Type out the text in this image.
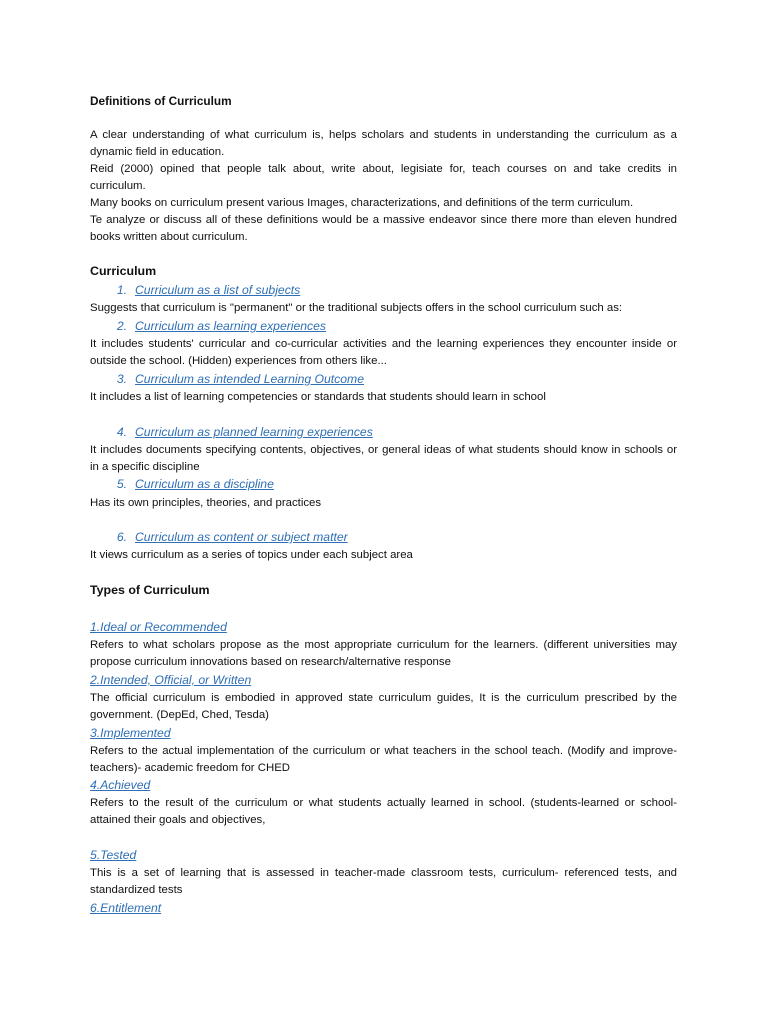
Definitions of Curriculum
A clear understanding of what curriculum is, helps scholars and students in understanding the curriculum as a
dynamic field in education.
Reid (2000) opined that people talk about, write about, legisiate for, teach courses on and take credits in
curriculum.
Many books on curriculum present various Images, characterizations, and definitions of the term curriculum.
Te analyze or discuss all of these definitions would be a massive endeavor since there more than eleven hundred
books written about curriculum.
Curriculum
1. Curriculum as a list of subjects
Suggests that curriculum is "permanent" or the traditional subjects offers in the school curriculum such as:
2. Curriculum as learning experiences
It includes students' curricular and co-curricular activities and the learning experiences they encounter inside or
outside the school. (Hidden) experiences from others like...
3. Curriculum as intended Learning Outcome
It includes a list of learning competencies or standards that students should learn in school
4. Curriculum as planned learning experiences
It includes documents specifying contents, objectives, or general ideas of what students should know in schools or
in a specific discipline
5. Curriculum as a discipline
Has its own principles, theories, and practices
6. Curriculum as content or subject matter
It views curriculum as a series of topics under each subject area
Types of Curriculum
1.Ideal or Recommended
Refers to what scholars propose as the most appropriate curriculum for the learners. (different universities may
propose curriculum innovations based on research/alternative response
2.Intended, Official, or Written
The official curriculum is embodied in approved state curriculum guides, It is the curriculum prescribed by the
government. (DepEd, Ched, Tesda)
3.Implemented
Refers to the actual implementation of the curriculum or what teachers in the school teach. (Modify and improve-
teachers)- academic freedom for CHED
4.Achieved
Refers to the result of the curriculum or what students actually learned in school. (students-learned or school-
attained their goals and objectives,
5.Tested
This is a set of learning that is assessed in teacher-made classroom tests, curriculum- referenced tests, and
standardized tests
6.Entitlement
